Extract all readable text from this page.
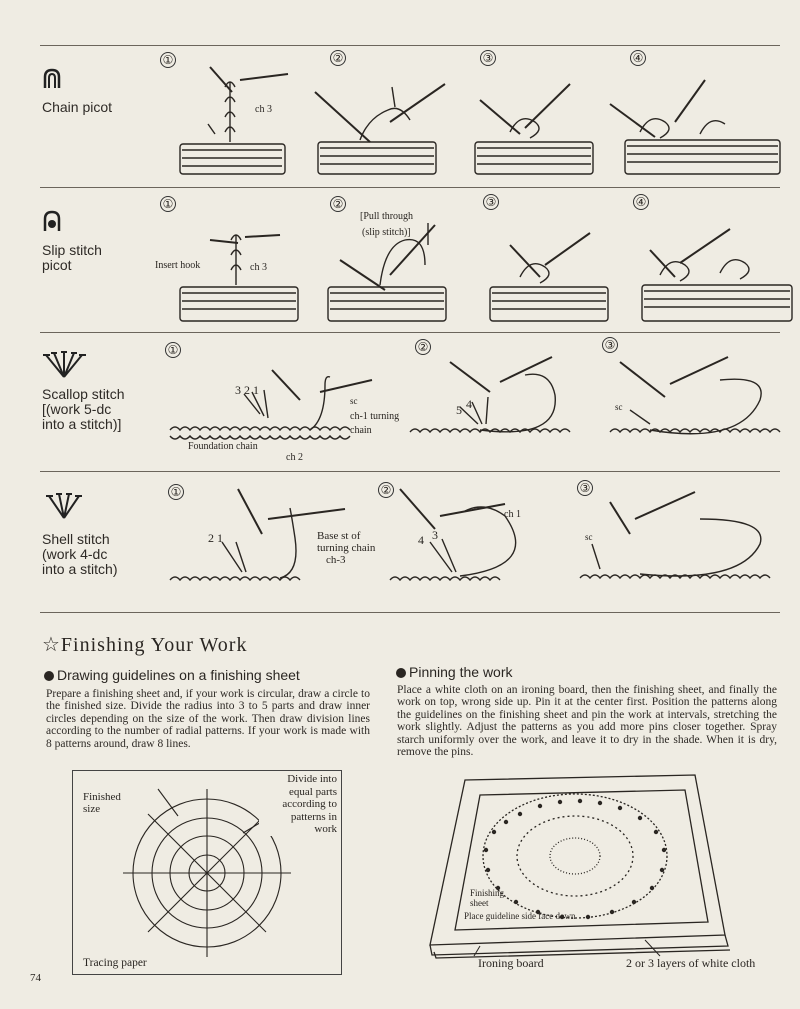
Chain picot
①	②	③	④
ch 3
Slip stitch
picot
①	②	③	④
Insert hook	ch 3
[Pull through
(slip stitch)]
Scallop stitch
[(work 5-dc
into a stitch)]
①	②	③
3 2 1
sc
ch-1 turning
chain
Foundation chain
ch 2
5 4	sc
Shell stitch
(work 4-dc
into a stitch)
①	②	③
2 1	Base st of
turning chain
ch-3
4 3
ch 1
sc
☆Finishing Your Work
Drawing guidelines on a finishing sheet
Prepare a finishing sheet and, if your work is circular, draw a circle to the finished size. Divide the radius into 3 to 5 parts and draw inner circles depending on the size of the work. Then draw division lines according to the number of radial patterns. If your work is made with 8 patterns around, draw 8 lines.
Pinning the work
Place a white cloth on an ironing board, then the finishing sheet, and finally the work on top, wrong side up. Pin it at the center first. Position the patterns along the guidelines on the finishing sheet and pin the work at intervals, stretching the work slightly. Adjust the patterns as you add more pins closer together. Spray starch uniformly over the work, and leave it to dry in the shade. When it is dry, remove the pins.
Finished
size
Divide into
equal parts
according to
patterns in
work
Tracing paper
Finishing
sheet
Place guideline side face down
Ironing board	2 or 3 layers of white cloth
74
